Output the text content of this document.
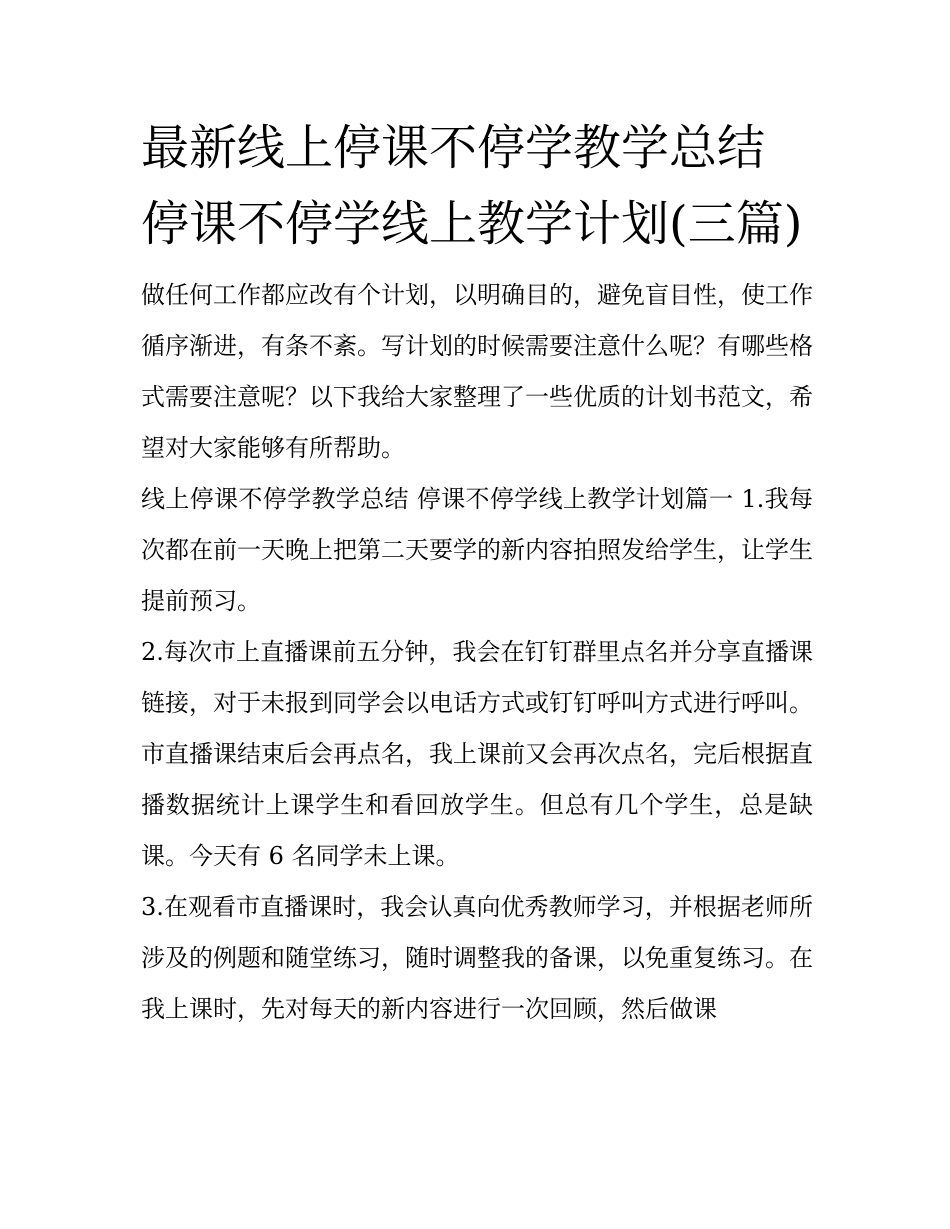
最新线上停课不停学教学总结 停课不停学线上教学计划(三篇)

做任何工作都应改有个计划，以明确目的，避免盲目性，使工作循序渐进，有条不紊。写计划的时候需要注意什么呢？有哪些格式需要注意呢？以下我给大家整理了一些优质的计划书范文，希望对大家能够有所帮助。

线上停课不停学教学总结 停课不停学线上教学计划篇一 1.我每次都在前一天晚上把第二天要学的新内容拍照发给学生，让学生提前预习。

2.每次市上直播课前五分钟，我会在钉钉群里点名并分享直播课链接，对于未报到同学会以电话方式或钉钉呼叫方式进行呼叫。市直播课结束后会再点名，我上课前又会再次点名，完后根据直播数据统计上课学生和看回放学生。但总有几个学生，总是缺课。今天有 6 名同学未上课。

3.在观看市直播课时，我会认真向优秀教师学习，并根据老师所涉及的例题和随堂练习，随时调整我的备课，以免重复练习。在我上课时，先对每天的新内容进行一次回顾，然后做课
